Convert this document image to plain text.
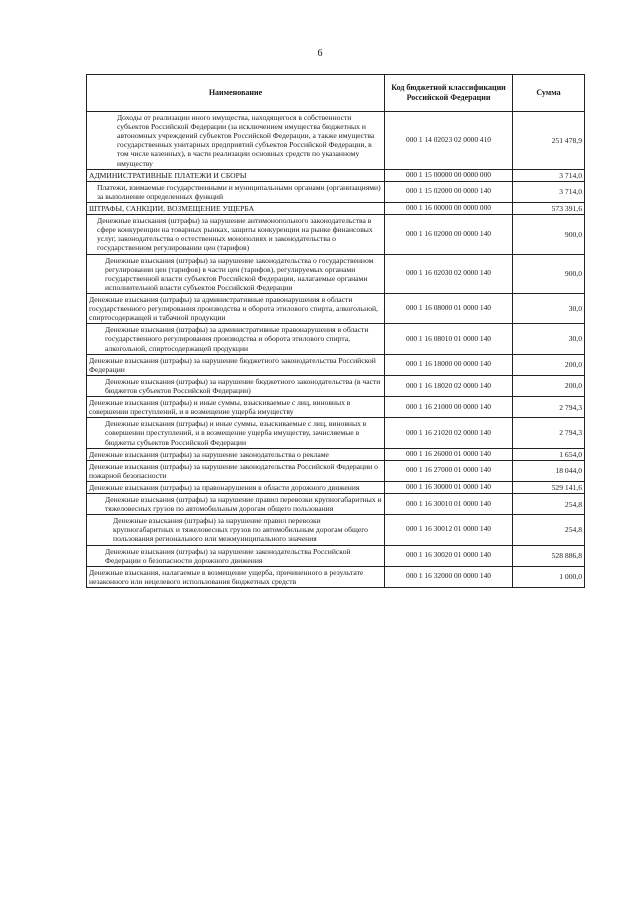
6
Наименование	Код бюджетной классификации Российской Федерации	Сумма
Доходы от реализации иного имущества, находящегося в собственности субъектов Российской Федерации (за исключением имущества бюджетных и автономных учреждений субъектов Российской Федерации, а также имущества государственных унитарных предприятий субъектов Российской Федерации, в том числе казенных), в части реализации основных средств по указанному имуществу	000 1 14 02023 02 0000 410	251 478,9
АДМИНИСТРАТИВНЫЕ ПЛАТЕЖИ И СБОРЫ	000 1 15 00000 00 0000 000	3 714,0
Платежи, взимаемые государственными и муниципальными органами (организациями) за выполнение определенных функций	000 1 15 02000 00 0000 140	3 714,0
ШТРАФЫ, САНКЦИИ, ВОЗМЕЩЕНИЕ УЩЕРБА	000 1 16 00000 00 0000 000	573 391,6
Денежные взыскания (штрафы) за нарушение антимонопольного законодательства в сфере конкуренции на товарных рынках, защиты конкуренции на рынке финансовых услуг, законодательства о естественных монополиях и законодательства о государственном регулировании цен (тарифов)	000 1 16 02000 00 0000 140	900,0
Денежные взыскания (штрафы) за нарушение законодательства о государственном регулировании цен (тарифов) в части цен (тарифов), регулируемых органами государственной власти субъектов Российской Федерации, налагаемые органами исполнительной власти субъектов Российской Федерации	000 1 16 02030 02 0000 140	900,0
Денежные взыскания (штрафы) за административные правонарушения в области государственного регулирования производства и оборота этилового спирта, алкогольной, спиртосодержащей и табачной продукции	000 1 16 08000 01 0000 140	30,0
Денежные взыскания (штрафы) за административные правонарушения в области государственного регулирования производства и оборота этилового спирта, алкогольной, спиртосодержащей продукции	000 1 16 08010 01 0000 140	30,0
Денежные взыскания (штрафы) за нарушение бюджетного законодательства Российской Федерации	000 1 16 18000 00 0000 140	200,0
Денежные взыскания (штрафы) за нарушение бюджетного законодательства (в части бюджетов субъектов Российской Федерации)	000 1 16 18020 02 0000 140	200,0
Денежные взыскания (штрафы) и иные суммы, взыскиваемые с лиц, виновных в совершении преступлений, и в возмещение ущерба имуществу	000 1 16 21000 00 0000 140	2 794,3
Денежные взыскания (штрафы) и иные суммы, взыскиваемые с лиц, виновных в совершении преступлений, и в возмещение ущерба имуществу, зачисляемые в бюджеты субъектов Российской Федерации	000 1 16 21020 02 0000 140	2 794,3
Денежные взыскания (штрафы) за нарушение законодательства о рекламе	000 1 16 26000 01 0000 140	1 654,0
Денежные взыскания (штрафы) за нарушение законодательства Российской Федерации о пожарной безопасности	000 1 16 27000 01 0000 140	18 044,0
Денежные взыскания (штрафы) за правонарушения в области дорожного движения	000 1 16 30000 01 0000 140	529 141,6
Денежные взыскания (штрафы) за нарушение правил перевозки крупногабаритных и тяжеловесных грузов по автомобильным дорогам общего пользования	000 1 16 30010 01 0000 140	254,8
Денежные взыскания (штрафы) за нарушение правил перевозки крупногабаритных и тяжеловесных грузов по автомобильным дорогам общего пользования регионального или межмуниципального значения	000 1 16 30012 01 0000 140	254,8
Денежные взыскания (штрафы) за нарушение законодательства Российской Федерации о безопасности дорожного движения	000 1 16 30020 01 0000 140	528 886,8
Денежные взыскания, налагаемые в возмещение ущерба, причиненного в результате незаконного или нецелевого использования бюджетных средств	000 1 16 32000 00 0000 140	1 000,0
